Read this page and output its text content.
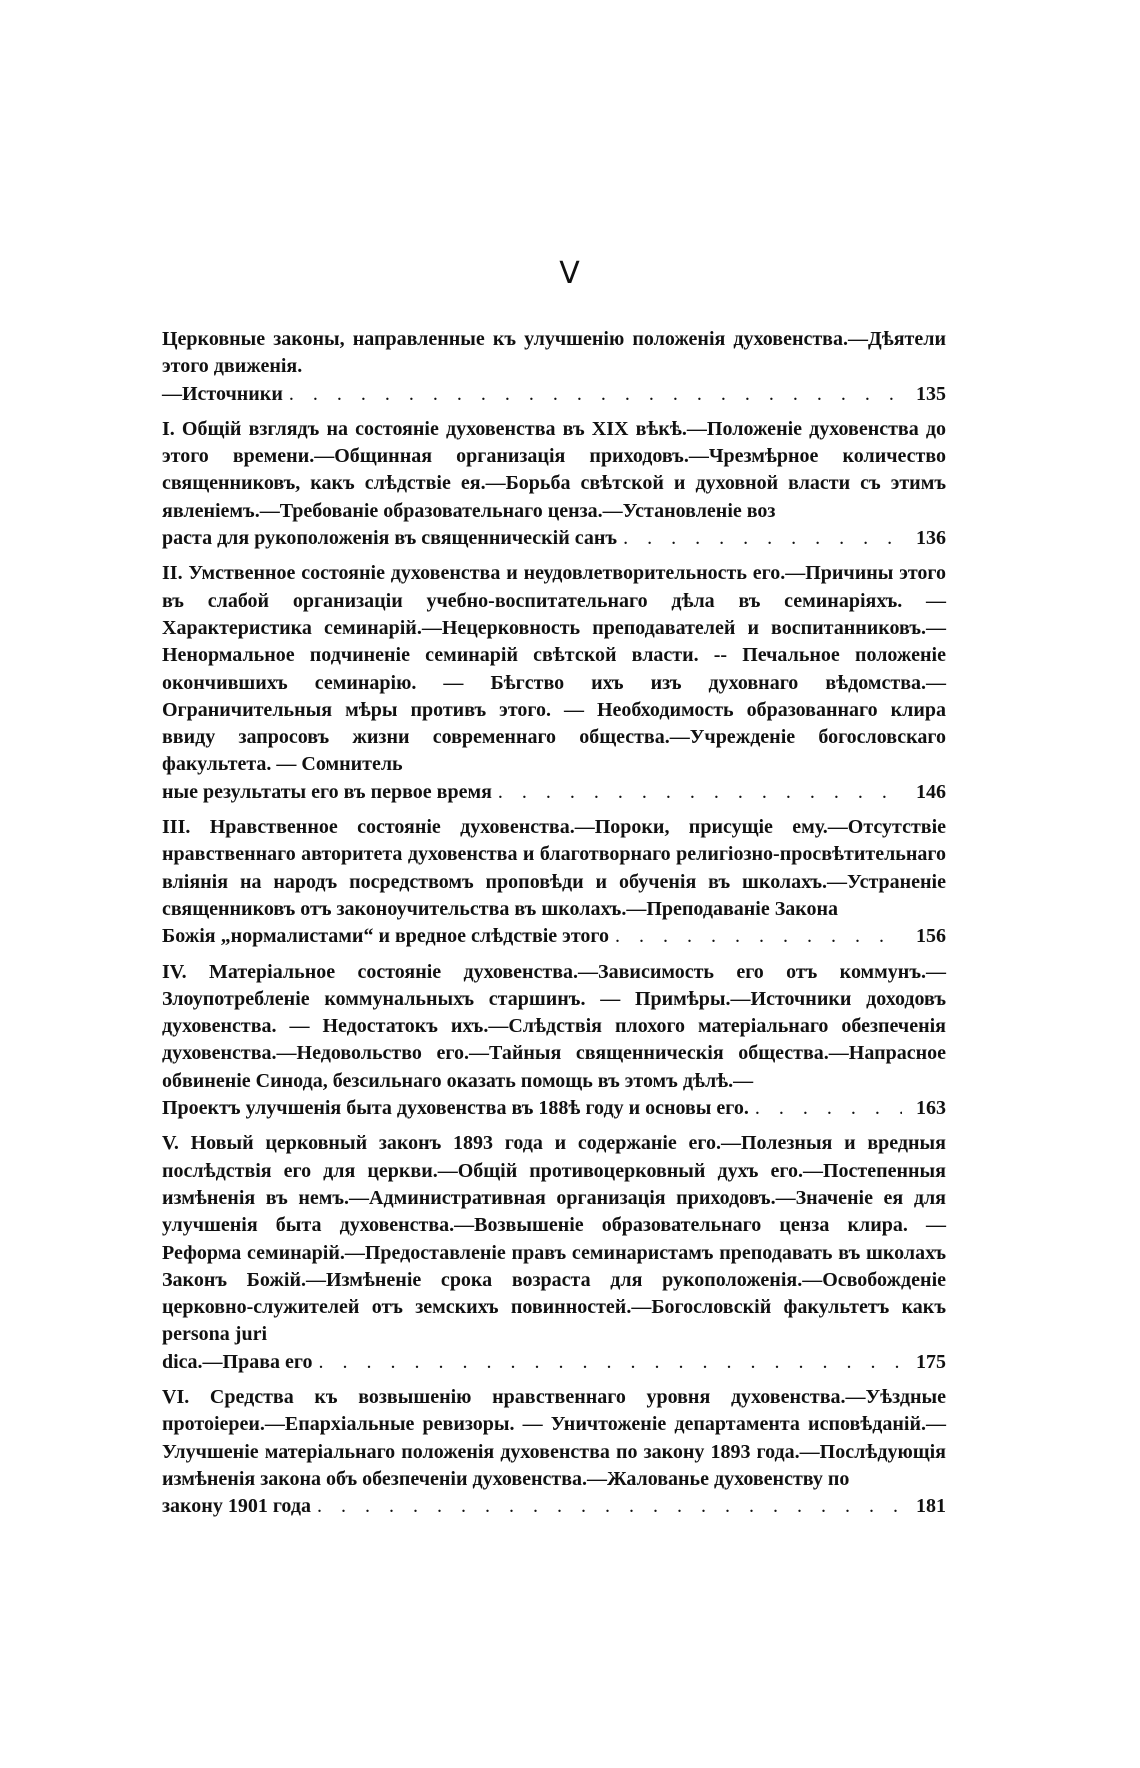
V
Церковные законы, направленные къ улучшенію положенія духовенства.—Дѣятели этого движенія.
—Источники . . .	135
I. Общій взглядъ на состояніе духовенства въ XIX вѣкѣ.—Положеніе духовенства до этого времени.—Общинная организація приходовъ.—Чрезмѣрное количество священниковъ, какъ слѣдствіе ея.—Борьба свѣтской и духовной власти съ этимъ явленіемъ.—Требованіе образовательнаго ценза.—Установленіе воз
раста для рукоположенія въ священническій санъ . . .	136
II. Умственное состояніе духовенства и неудовлетворительность его.—Причины этого въ слабой организаціи учебно-воспитательнаго дѣла въ семинаріяхъ. — Характеристика семинарій.—Нецерковность преподавателей и воспитанниковъ.—Ненормальное подчиненіе семинарій свѣтской власти. -- Печальное положеніе окончившихъ семинарію. — Бѣгство ихъ изъ духовнаго вѣдомства.—Ограничительныя мѣры противъ этого. — Необходимость образованнаго клира ввиду запросовъ жизни современнаго общества.—Учрежденіе богословскаго факультета. — Сомнитель
ные результаты его въ первое время . . .	146
III. Нравственное состояніе духовенства.—Пороки, присущіе ему.—Отсутствіе нравственнаго авторитета духовенства и благотворнаго религіозно-просвѣтительнаго вліянія на народъ посредствомъ проповѣди и обученія въ школахъ.—Устраненіе священниковъ отъ законоучительства въ школахъ.—Преподаваніе Закона
Божія „нормалистами“ и вредное слѣдствіе этого . . .	156
IV. Матеріальное состояніе духовенства.—Зависимость его отъ коммунъ.—Злоупотребленіе коммунальныхъ старшинъ. — Примѣры.—Источники доходовъ духовенства. — Недостатокъ ихъ.—Слѣдствія плохого матеріальнаго обезпеченія духовенства.—Недовольство его.—Тайныя священническія общества.—Напрасное обвиненіе Синода, безсильнаго оказать помощь въ этомъ дѣлѣ.—
Проектъ улучшенія быта духовенства въ 188ѣ году и основы его. . . .	163
V. Новый церковный законъ 1893 года и содержаніе его.—Полезныя и вредныя послѣдствія его для церкви.—Общій противоцерковный духъ его.—Постепенныя измѣненія въ немъ.—Административная организація приходовъ.—Значеніе ея для улучшенія быта духовенства.—Возвышеніе образовательнаго ценза клира. — Реформа семинарій.—Предоставленіе правъ семинаристамъ преподавать въ школахъ Законъ Божій.—Измѣненіе срока возраста для рукоположенія.—Освобожденіе церковно-служителей отъ земскихъ повинностей.—Богословскій факультетъ какъ persona juri
dica.—Права его . . .	175
VI. Средства къ возвышенію нравственнаго уровня духовенства.—Уѣздные протоіереи.—Епархіальные ревизоры. — Уничтоженіе департамента исповѣданій.—Улучшеніе матеріальнаго положенія духовенства по закону 1893 года.—Послѣдующія измѣненія закона объ обезпеченіи духовенства.—Жалованье духовенству по
закону 1901 года . . .	181
